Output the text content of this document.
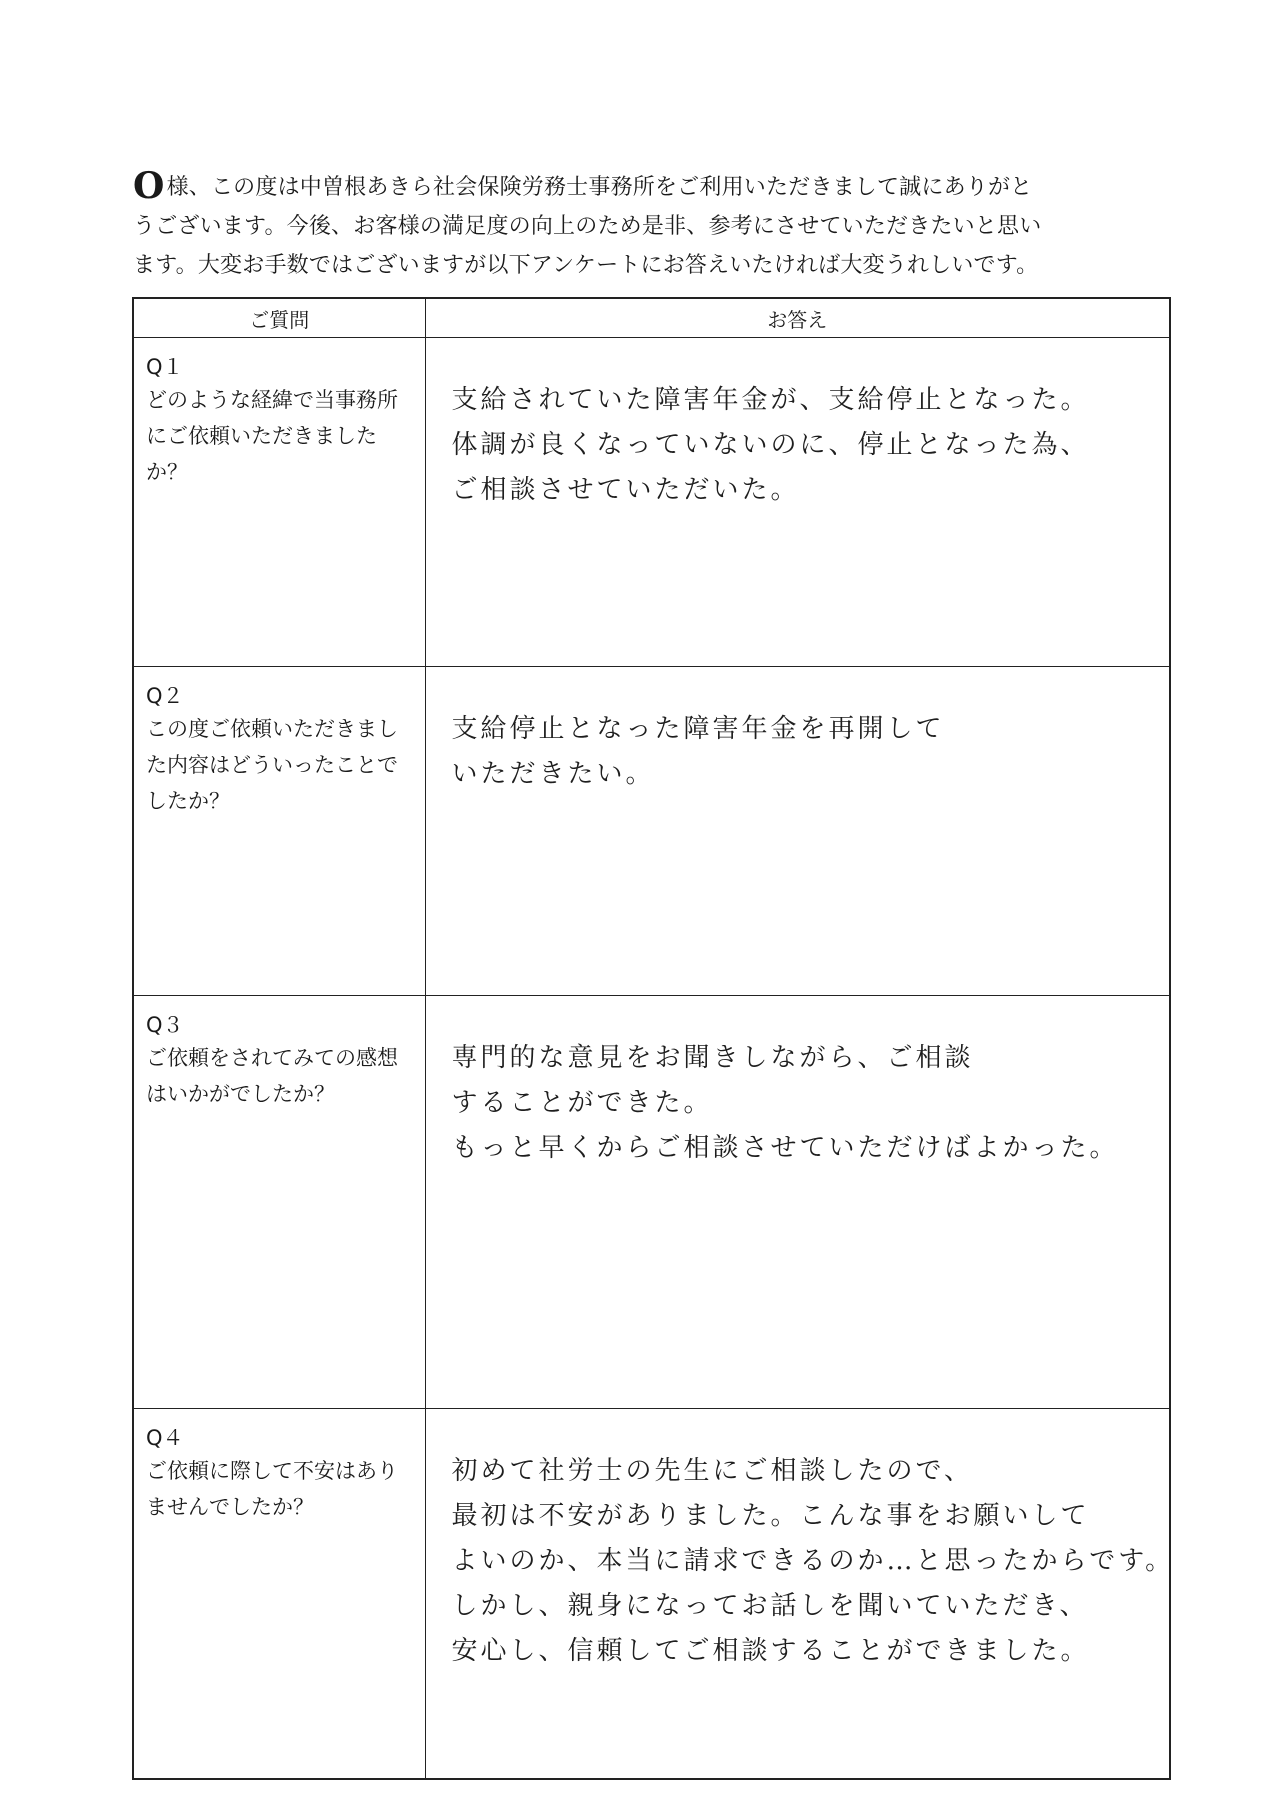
O様、この度は中曽根あきら社会保険労務士事務所をご利用いただきまして誠にありがと

うございます。今後、お客様の満足度の向上のため是非、参考にさせていただきたいと思い

ます。大変お手数ではございますが以下アンケートにお答えいたければ大変うれしいです。

ご質問	お答え

Q１
どのような経緯で当事務所にご依頼いただきましたか？	支給されていた障害年金が、支給停止となった。
体調が良くなっていないのに、停止となった為、
ご相談させていただいた。

Q２
この度ご依頼いただきました内容はどういったことでしたか？	支給停止となった障害年金を再開して
いただきたい。

Q３
ご依頼をされてみての感想はいかがでしたか？	専門的な意見をお聞きしながら、ご相談
することができた。
もっと早くからご相談させていただけばよかった。

Q４
ご依頼に際して不安はありませんでしたか？	初めて社労士の先生にご相談したので、
最初は不安がありました。こんな事をお願いして
よいのか、本当に請求できるのか…と思ったからです。
しかし、親身になってお話しを聞いていただき、
安心し、信頼してご相談することができました。
